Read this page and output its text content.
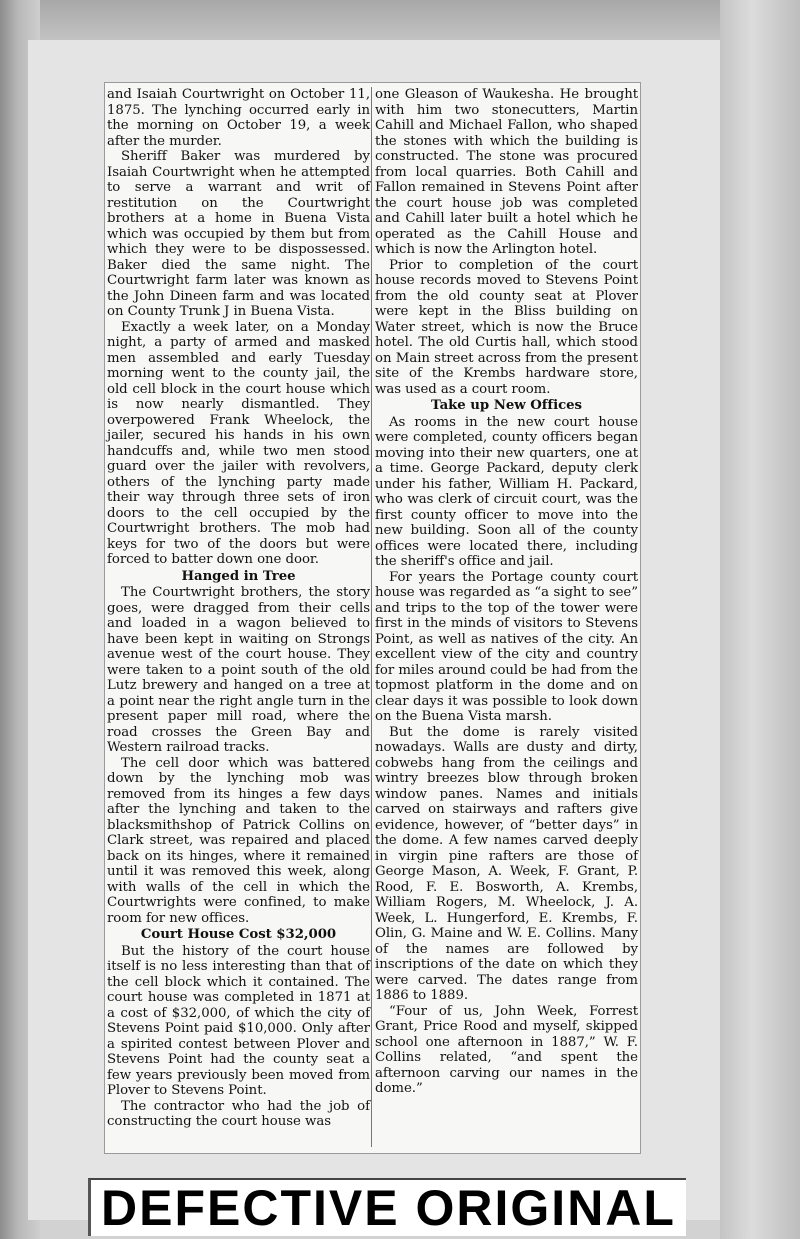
and Isaiah Courtwright on October 11, 1875. The lynching occurred early in the morning on October 19, a week after the murder.

Sheriff Baker was murdered by Isaiah Courtwright when he attempted to serve a warrant and writ of restitution on the Courtwright brothers at a home in Buena Vista which was occupied by them but from which they were to be dispossessed. Baker died the same night. The Courtwright farm later was known as the John Dineen farm and was located on County Trunk J in Buena Vista.

Exactly a week later, on a Monday night, a party of armed and masked men assembled and early Tuesday morning went to the county jail, the old cell block in the court house which is now nearly dismantled. They overpowered Frank Wheelock, the jailer, secured his hands in his own handcuffs and, while two men stood guard over the jailer with revolvers, others of the lynching party made their way through three sets of iron doors to the cell occupied by the Courtwright brothers. The mob had keys for two of the doors but were forced to batter down one door.

Hanged in Tree

The Courtwright brothers, the story goes, were dragged from their cells and loaded in a wagon believed to have been kept in waiting on Strongs avenue west of the court house. They were taken to a point south of the old Lutz brewery and hanged on a tree at a point near the right angle turn in the present paper mill road, where the road crosses the Green Bay and Western railroad tracks.

The cell door which was battered down by the lynching mob was removed from its hinges a few days after the lynching and taken to the blacksmithshop of Patrick Collins on Clark street, was repaired and placed back on its hinges, where it remained until it was removed this week, along with walls of the cell in which the Courtwrights were confined, to make room for new offices.

Court House Cost $32,000

But the history of the court house itself is no less interesting than that of the cell block which it contained. The court house was completed in 1871 at a cost of $32,000, of which the city of Stevens Point paid $10,000. Only after a spirited contest between Plover and Stevens Point had the county seat a few years previously been moved from Plover to Stevens Point.

The contractor who had the job of constructing the court house was

one Gleason of Waukesha. He brought with him two stonecutters, Martin Cahill and Michael Fallon, who shaped the stones with which the building is constructed. The stone was procured from local quarries. Both Cahill and Fallon remained in Stevens Point after the court house job was completed and Cahill later built a hotel which he operated as the Cahill House and which is now the Arlington hotel.

Prior to completion of the court house records moved to Stevens Point from the old county seat at Plover were kept in the Bliss building on Water street, which is now the Bruce hotel. The old Curtis hall, which stood on Main street across from the present site of the Krembs hardware store, was used as a court room.

Take up New Offices

As rooms in the new court house were completed, county officers began moving into their new quarters, one at a time. George Packard, deputy clerk under his father, William H. Packard, who was clerk of circuit court, was the first county officer to move into the new building. Soon all of the county offices were located there, including the sheriff's office and jail.

For years the Portage county court house was regarded as “a sight to see” and trips to the top of the tower were first in the minds of visitors to Stevens Point, as well as natives of the city. An excellent view of the city and country for miles around could be had from the topmost platform in the dome and on clear days it was possible to look down on the Buena Vista marsh.

But the dome is rarely visited nowadays. Walls are dusty and dirty, cobwebs hang from the ceilings and wintry breezes blow through broken window panes. Names and initials carved on stairways and rafters give evidence, however, of “better days” in the dome. A few names carved deeply in virgin pine rafters are those of George Mason, A. Week, F. Grant, P. Rood, F. E. Bosworth, A. Krembs, William Rogers, M. Wheelock, J. A. Week, L. Hungerford, E. Krembs, F. Olin, G. Maine and W. E. Collins. Many of the names are followed by inscriptions of the date on which they were carved. The dates range from 1886 to 1889.

“Four of us, John Week, Forrest Grant, Price Rood and myself, skipped school one afternoon in 1887,” W. F. Collins related, “and spent the afternoon carving our names in the dome.”

DEFECTIVE ORIGINAL
